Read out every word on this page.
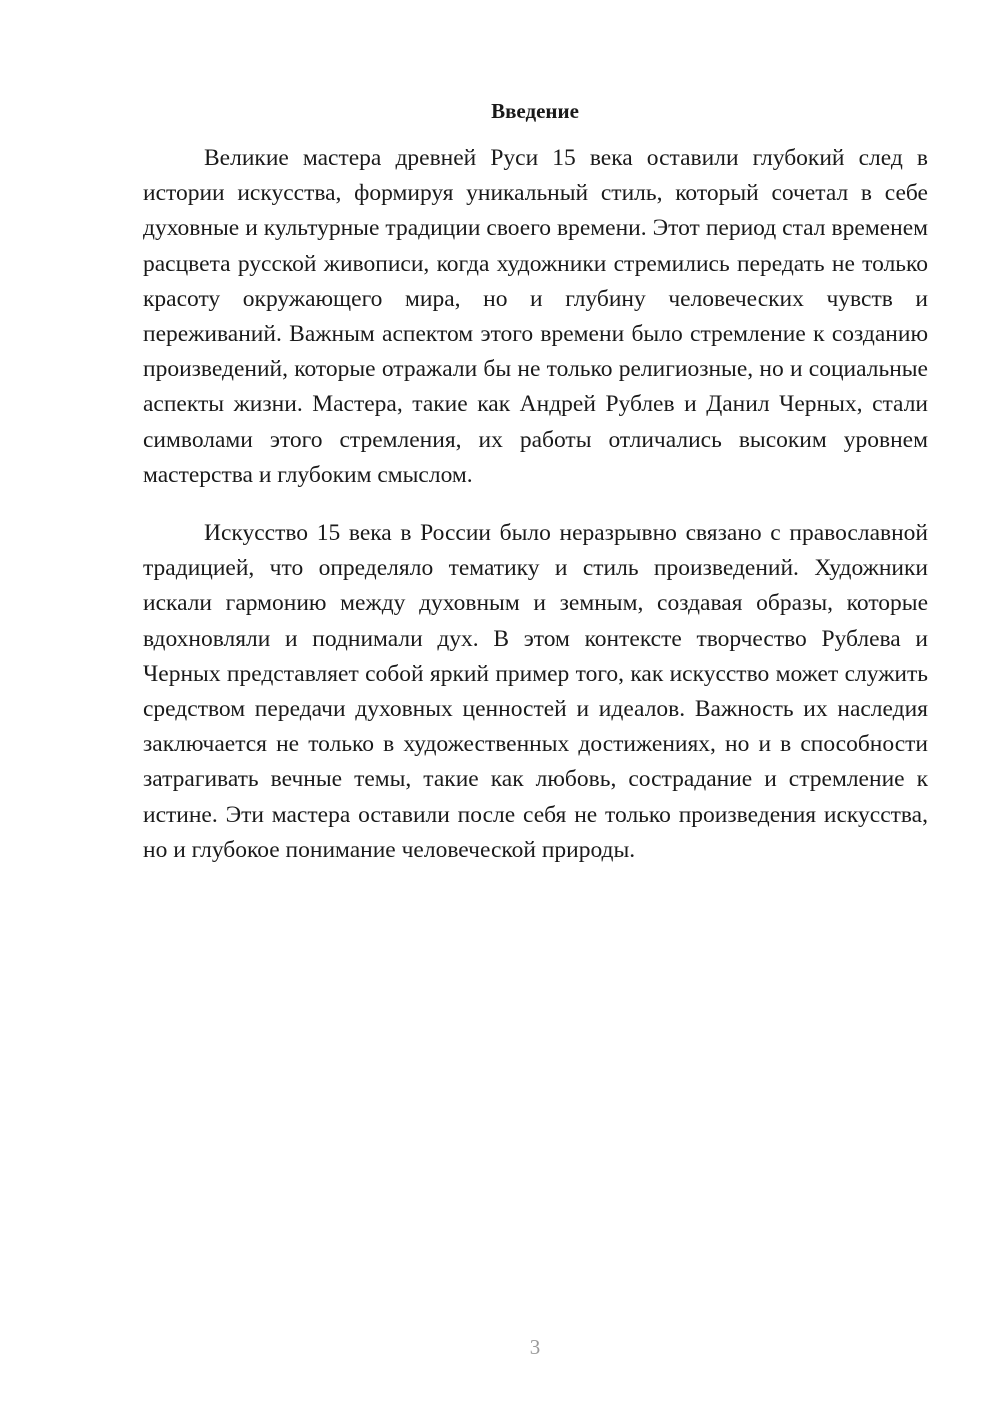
Введение

Великие мастера древней Руси 15 века оставили глубокий след в истории искусства, формируя уникальный стиль, который сочетал в себе духовные и культурные традиции своего времени. Этот период стал временем расцвета русской живописи, когда художники стремились передать не только красоту окружающего мира, но и глубину человеческих чувств и переживаний. Важным аспектом этого времени было стремление к созданию произведений, которые отражали бы не только религиозные, но и социальные аспекты жизни. Мастера, такие как Андрей Рублев и Данил Черных, стали символами этого стремления, их работы отличались высоким уровнем мастерства и глубоким смыслом.

Искусство 15 века в России было неразрывно связано с православной традицией, что определяло тематику и стиль произведений. Художники искали гармонию между духовным и земным, создавая образы, которые вдохновляли и поднимали дух. В этом контексте творчество Рублева и Черных представляет собой яркий пример того, как искусство может служить средством передачи духовных ценностей и идеалов. Важность их наследия заключается не только в художественных достижениях, но и в способности затрагивать вечные темы, такие как любовь, сострадание и стремление к истине. Эти мастера оставили после себя не только произведения искусства, но и глубокое понимание человеческой природы.

3
